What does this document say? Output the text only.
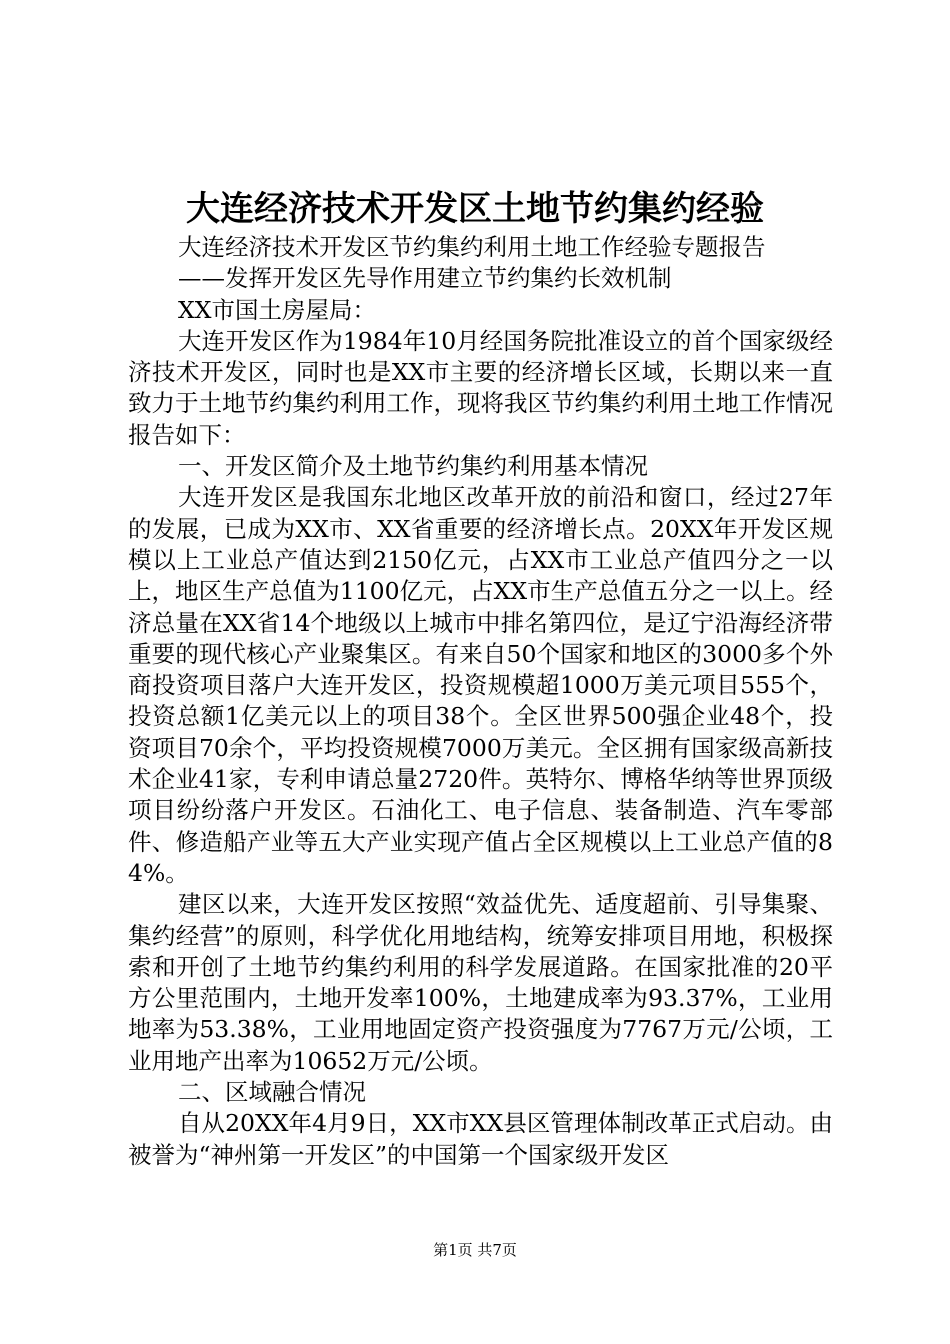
大连经济技术开发区土地节约集约经验

大连经济技术开发区节约集约利用土地工作经验专题报告

——发挥开发区先导作用建立节约集约长效机制

XX市国土房屋局：

大连开发区作为1984年10月经国务院批准设立的首个国家级经济技术开发区，同时也是XX市主要的经济增长区域，长期以来一直致力于土地节约集约利用工作，现将我区节约集约利用土地工作情况报告如下：

一、开发区简介及土地节约集约利用基本情况

大连开发区是我国东北地区改革开放的前沿和窗口，经过27年的发展，已成为XX市、XX省重要的经济增长点。20XX年开发区规模以上工业总产值达到2150亿元，占XX市工业总产值四分之一以上，地区生产总值为1100亿元，占XX市生产总值五分之一以上。经济总量在XX省14个地级以上城市中排名第四位，是辽宁沿海经济带重要的现代核心产业聚集区。有来自50个国家和地区的3000多个外商投资项目落户大连开发区，投资规模超1000万美元项目555个，投资总额1亿美元以上的项目38个。全区世界500强企业48个，投资项目70余个，平均投资规模7000万美元。全区拥有国家级高新技术企业41家，专利申请总量2720件。英特尔、博格华纳等世界顶级项目纷纷落户开发区。石油化工、电子信息、装备制造、汽车零部件、修造船产业等五大产业实现产值占全区规模以上工业总产值的84%。

建区以来，大连开发区按照“效益优先、适度超前、引导集聚、集约经营”的原则，科学优化用地结构，统筹安排项目用地，积极探索和开创了土地节约集约利用的科学发展道路。在国家批准的20平方公里范围内，土地开发率100%，土地建成率为93.37%，工业用地率为53.38%，工业用地固定资产投资强度为7767万元/公顷，工业用地产出率为10652万元/公顷。

二、区域融合情况

自从20XX年4月9日，XX市XX县区管理体制改革正式启动。由被誉为“神州第一开发区”的中国第一个国家级开发区

第1页 共7页
